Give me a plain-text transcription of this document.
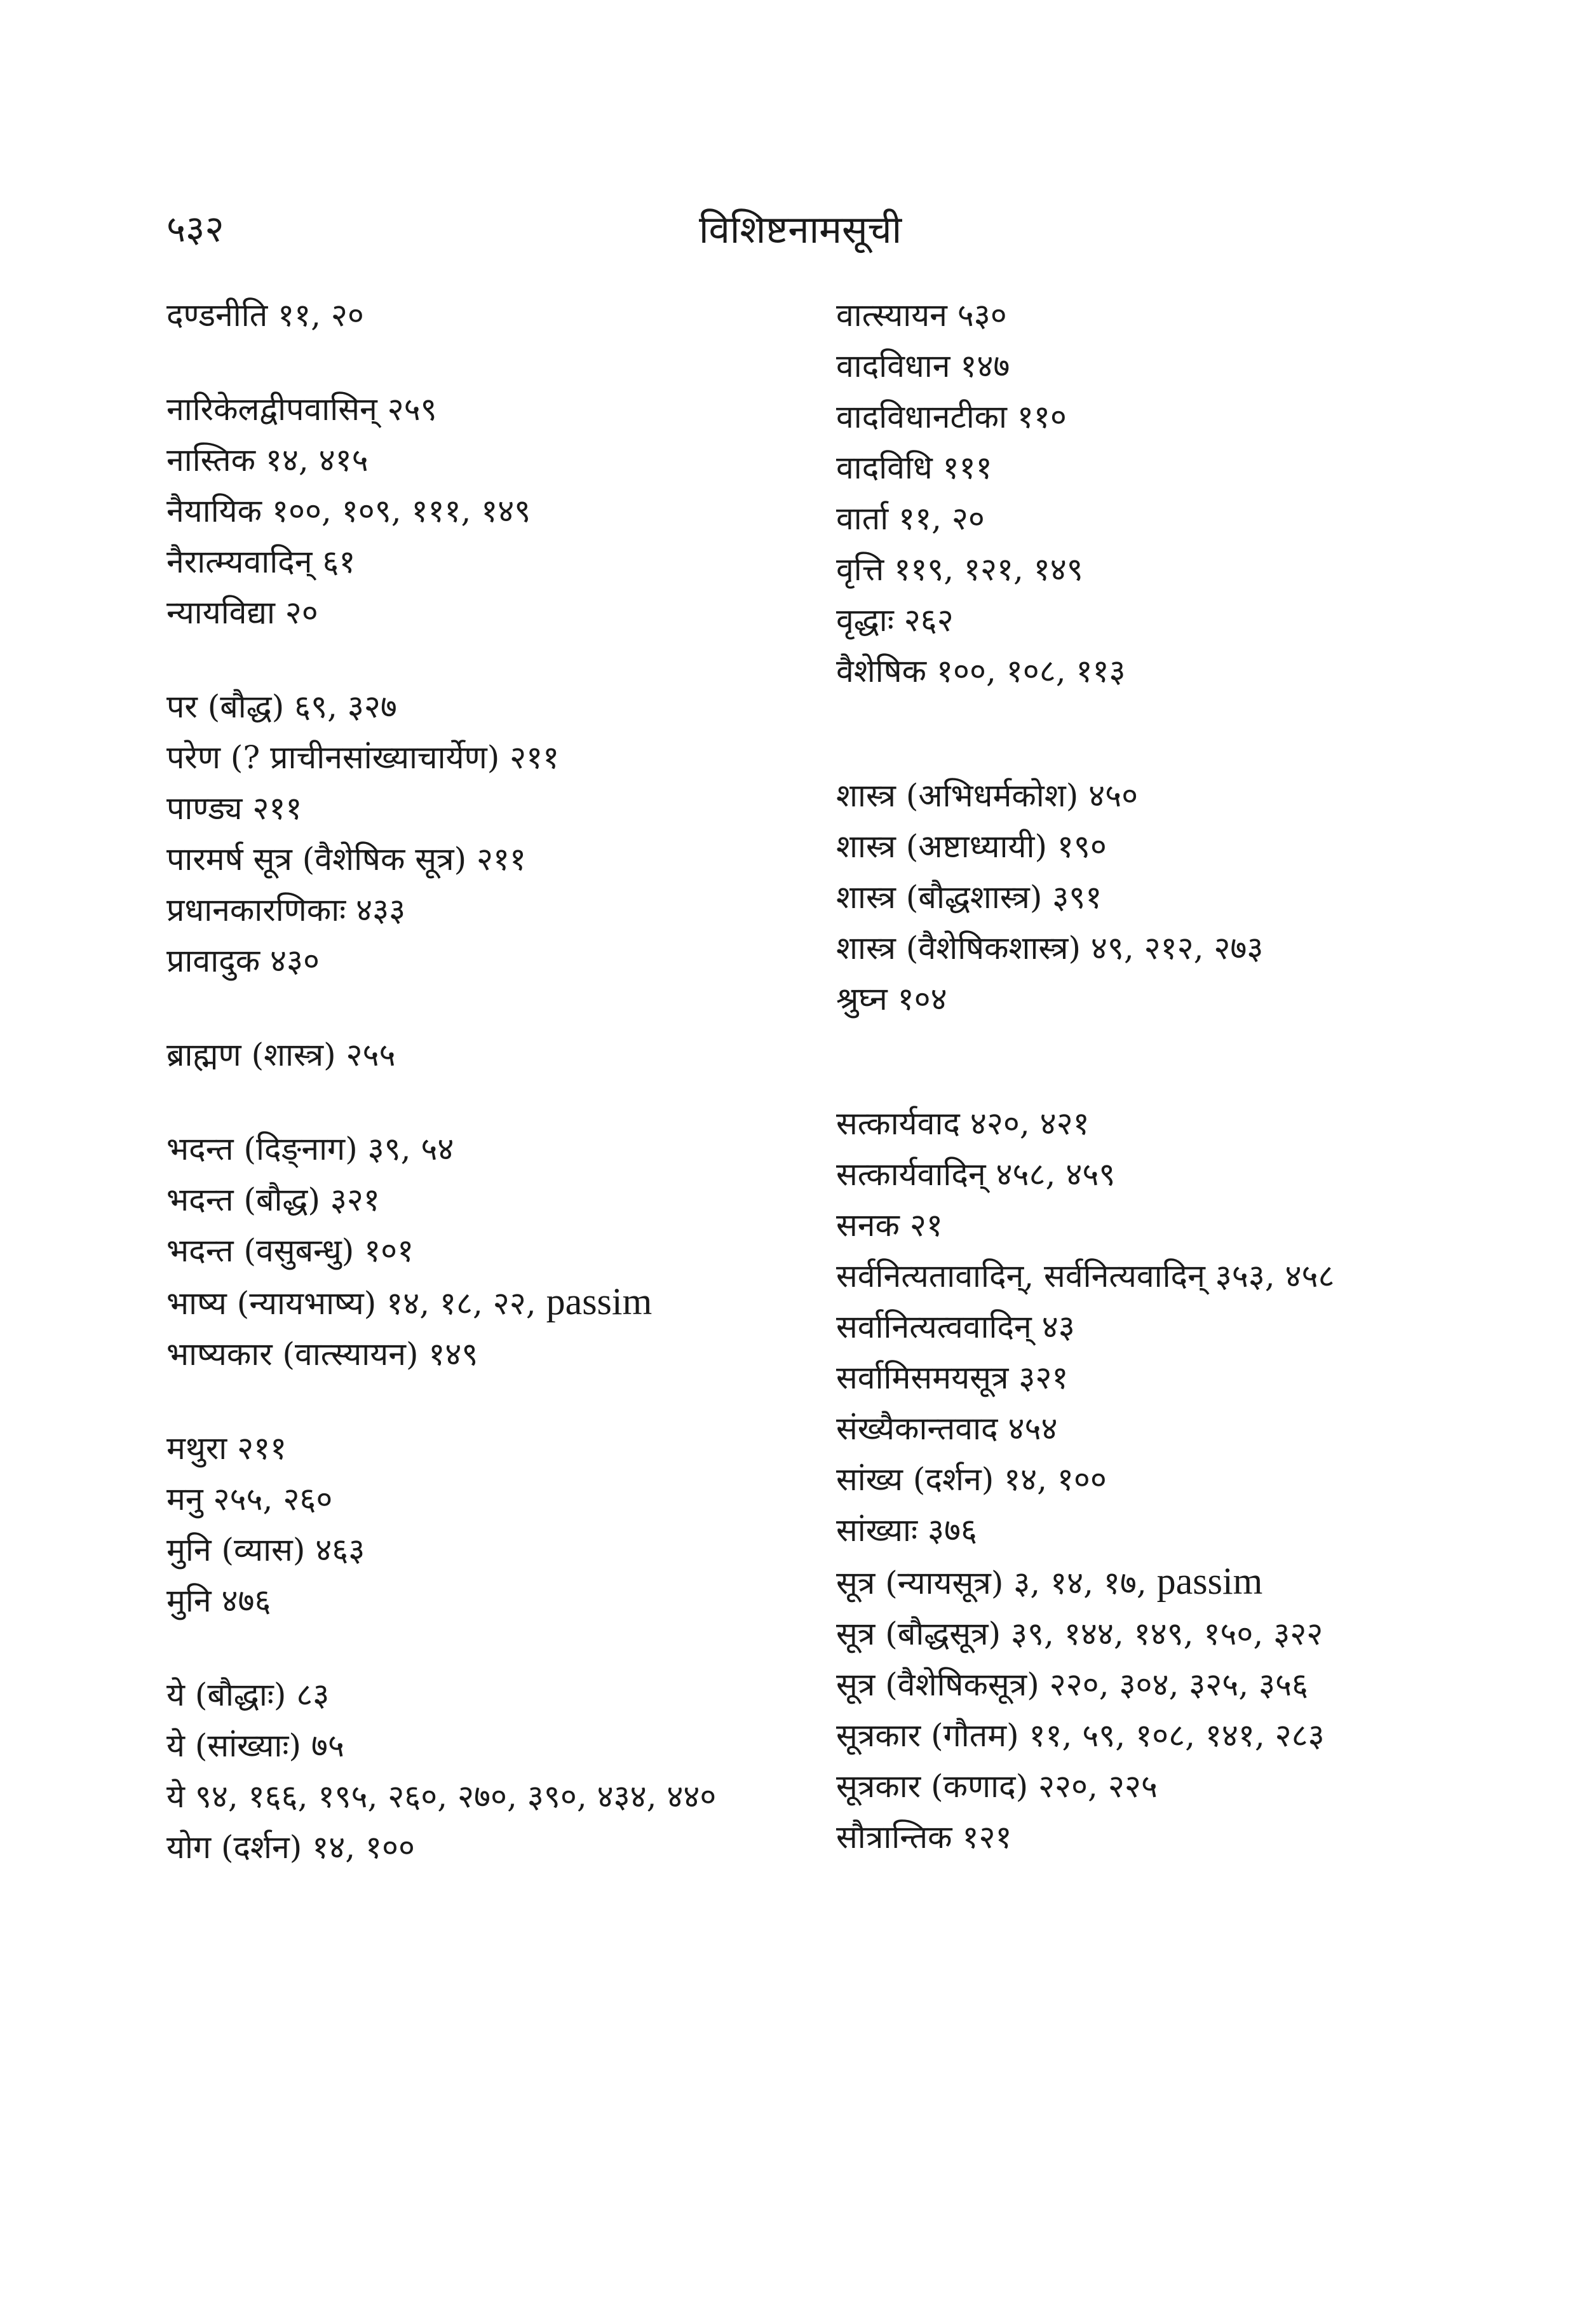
५३२	विशिष्टनामसूची
दण्डनीति ११, २०
नारिकेलद्वीपवासिन् २५९
नास्तिक १४, ४१५
नैयायिक १००, १०९, १११, १४९
नैरात्म्यवादिन् ६१
न्यायविद्या २०
पर (बौद्ध) ६९, ३२७
परेण (? प्राचीनसांख्याचार्येण) २११
पाण्ड्य २११
पारमर्ष सूत्र (वैशेषिक सूत्र) २११
प्रधानकारणिकाः ४३३
प्रावादुक ४३०
ब्राह्मण (शास्त्र) २५५
भदन्त (दिङ्नाग) ३९, ५४
भदन्त (बौद्ध) ३२१
भदन्त (वसुबन्धु) १०१
भाष्य (न्यायभाष्य) १४, १८, २२, passim
भाष्यकार (वात्स्यायन) १४९
मथुरा २११
मनु २५५, २६०
मुनि (व्यास) ४६३
मुनि ४७६
ये (बौद्धाः) ८३
ये (सांख्याः) ७५
ये ९४, १६६, १९५, २६०, २७०, ३९०, ४३४, ४४०
योग (दर्शन) १४, १००
वात्स्यायन ५३०
वादविधान १४७
वादविधानटीका ११०
वादविधि १११
वार्ता ११, २०
वृत्ति ११९, १२१, १४९
वृद्धाः २६२
वैशेषिक १००, १०८, ११३
शास्त्र (अभिधर्मकोश) ४५०
शास्त्र (अष्टाध्यायी) १९०
शास्त्र (बौद्धशास्त्र) ३९१
शास्त्र (वैशेषिकशास्त्र) ४९, २१२, २७३
श्रुघ्न १०४
सत्कार्यवाद ४२०, ४२१
सत्कार्यवादिन् ४५८, ४५९
सनक २१
सर्वनित्यतावादिन्, सर्वनित्यवादिन् ३५३, ४५८
सर्वानित्यत्ववादिन् ४३
सर्वामिसमयसूत्र ३२१
संख्यैकान्तवाद ४५४
सांख्य (दर्शन) १४, १००
सांख्याः ३७६
सूत्र (न्यायसूत्र) ३, १४, १७, passim
सूत्र (बौद्धसूत्र) ३९, १४४, १४९, १५०, ३२२
सूत्र (वैशेषिकसूत्र) २२०, ३०४, ३२५, ३५६
सूत्रकार (गौतम) ११, ५९, १०८, १४१, २८३
सूत्रकार (कणाद) २२०, २२५
सौत्रान्तिक १२१
